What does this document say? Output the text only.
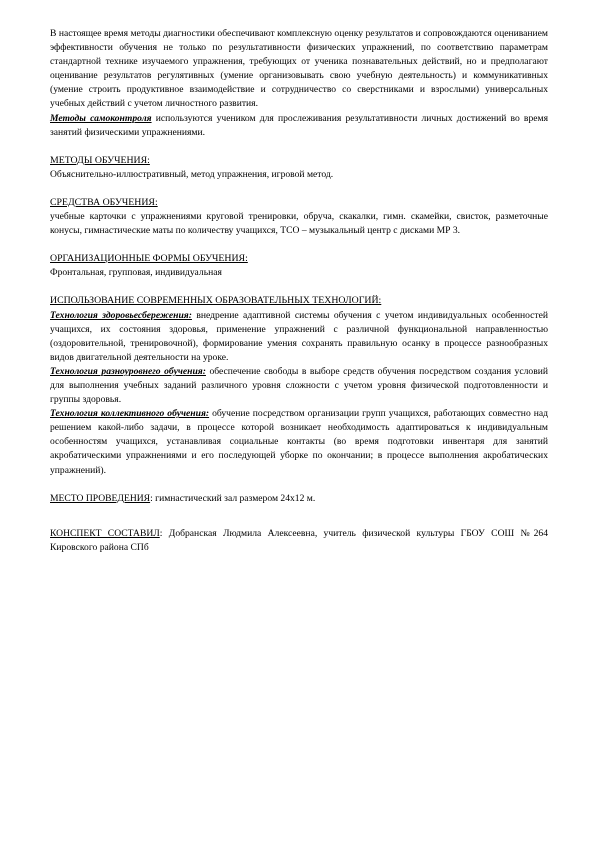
В настоящее время методы диагностики обеспечивают комплексную оценку результатов и сопровождаются оцениванием эффективности обучения не только по результативности физических упражнений, по соответствию параметрам стандартной технике изучаемого упражнения, требующих от ученика познавательных действий, но и предполагают оценивание результатов регулятивных (умение организовывать свою учебную деятельность) и коммуникативных (умение строить продуктивное взаимодействие и сотрудничество со сверстниками и взрослыми) универсальных учебных действий с учетом личностного развития.

Методы самоконтроля используются учеником для прослеживания результативности личных достижений во время занятий физическими упражнениями.

МЕТОДЫ ОБУЧЕНИЯ:

Объяснительно-иллюстративный, метод упражнения, игровой метод.

СРЕДСТВА ОБУЧЕНИЯ:

учебные карточки с упражнениями круговой тренировки, обруча, скакалки, гимн. скамейки, свисток, разметочные конусы, гимнастические маты по количеству учащихся, ТСО – музыкальный центр с дисками МР 3.

ОРГАНИЗАЦИОННЫЕ ФОРМЫ ОБУЧЕНИЯ:

Фронтальная, групповая, индивидуальная

ИСПОЛЬЗОВАНИЕ СОВРЕМЕННЫХ ОБРАЗОВАТЕЛЬНЫХ ТЕХНОЛОГИЙ:

Технология здоровьесбережения: внедрение адаптивной системы обучения с учетом индивидуальных особенностей учащихся, их состояния здоровья, применение упражнений с различной функциональной направленностью (оздоровительной, тренировочной), формирование умения сохранять правильную осанку в процессе разнообразных видов двигательной деятельности на уроке.

Технология разноуровнего обучения: обеспечение свободы в выборе средств обучения посредством создания условий для выполнения учебных заданий различного уровня сложности с учетом уровня физической подготовленности и группы здоровья.

Технология коллективного обучения: обучение посредством организации групп учащихся, работающих совместно над решением какой-либо задачи, в процессе которой возникает необходимость адаптироваться к индивидуальным особенностям учащихся, устанавливая социальные контакты (во время подготовки инвентаря для занятий акробатическими упражнениями и его последующей уборке по окончании; в процессе выполнения акробатических упражнений).

МЕСТО ПРОВЕДЕНИЯ: гимнастический зал размером 24х12 м.

КОНСПЕКТ СОСТАВИЛ: Добранская Людмила Алексеевна, учитель физической культуры ГБОУ СОШ №264 Кировского района СПб
